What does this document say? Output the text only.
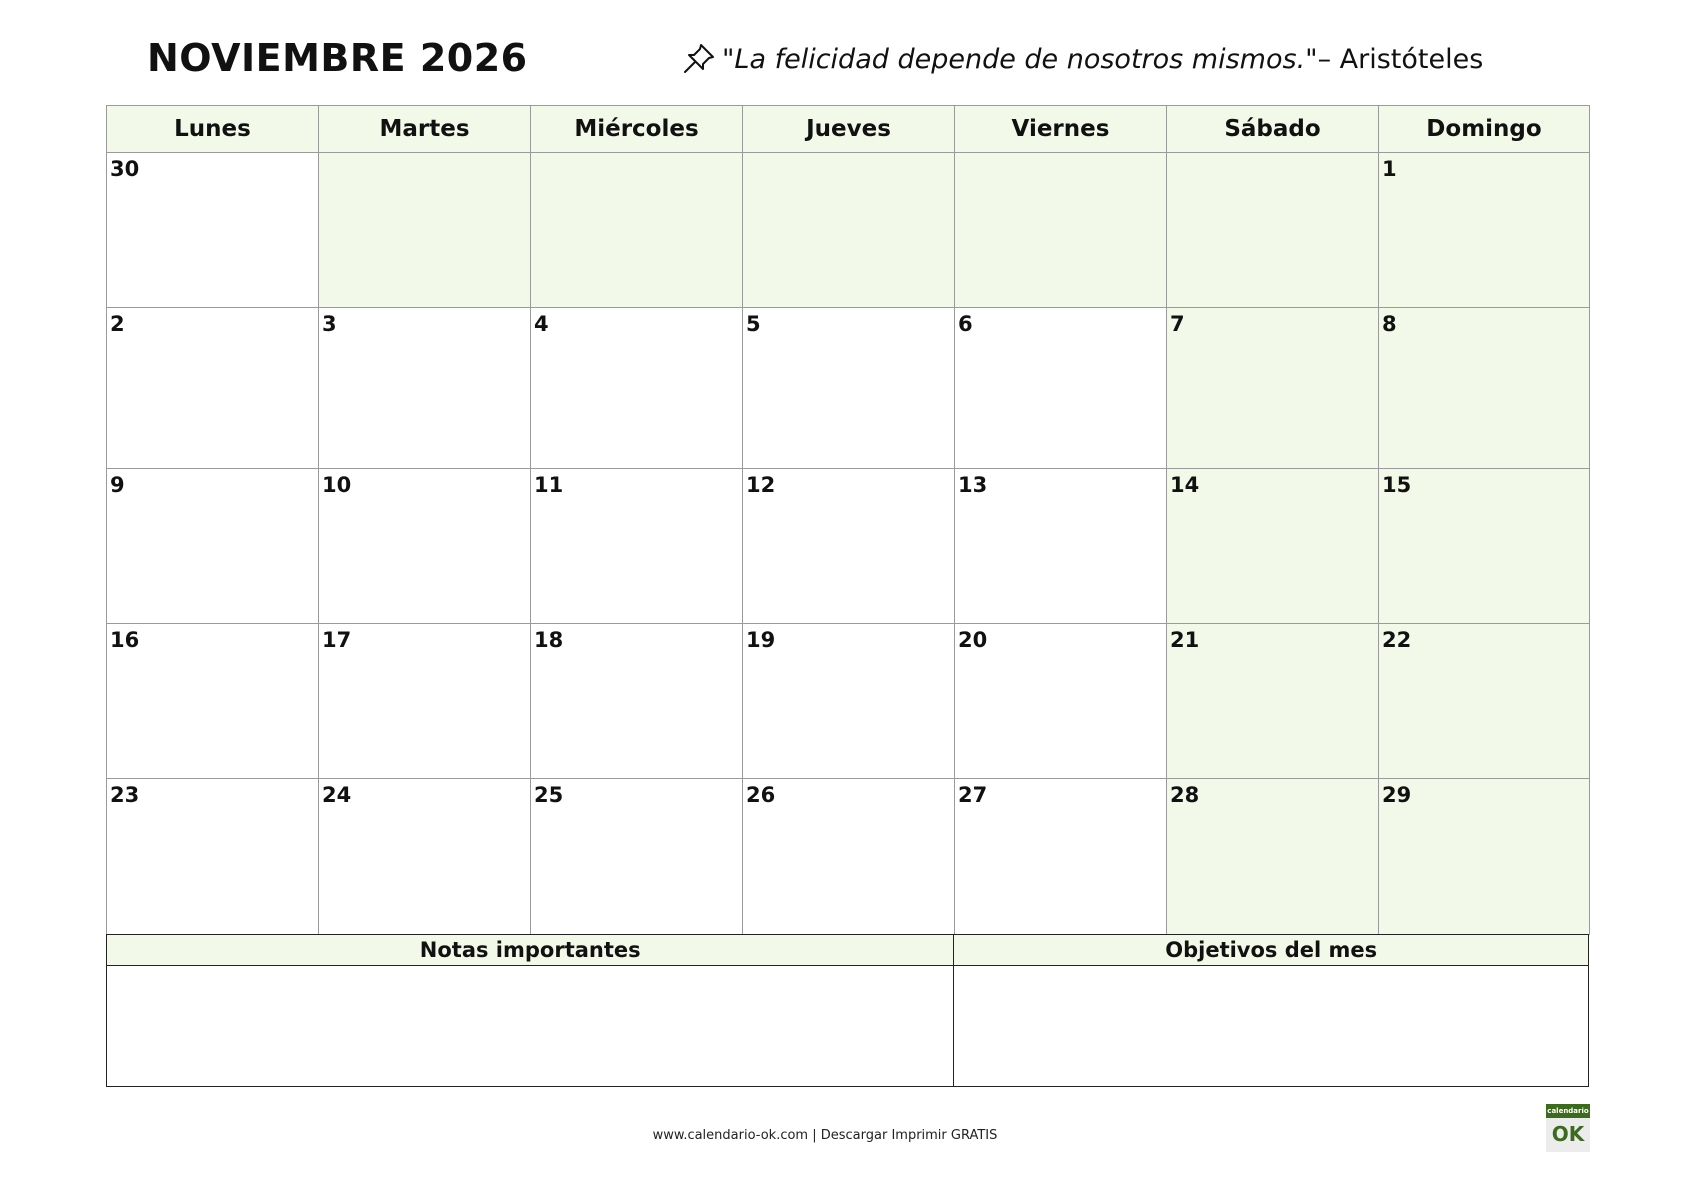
NOVIEMBRE 2026	"La felicidad depende de nosotros mismos." – Aristóteles
Lunes	Martes	Miércoles	Jueves	Viernes	Sábado	Domingo

30						1

2	3	4	5	6	7	8

9	10	11	12	13	14	15

16	17	18	19	20	21	22

23	24	25	26	27	28	29
Notas importantes	Objetivos del mes
www.calendario-ok.com | Descargar Imprimir GRATIS
calendario
OK
